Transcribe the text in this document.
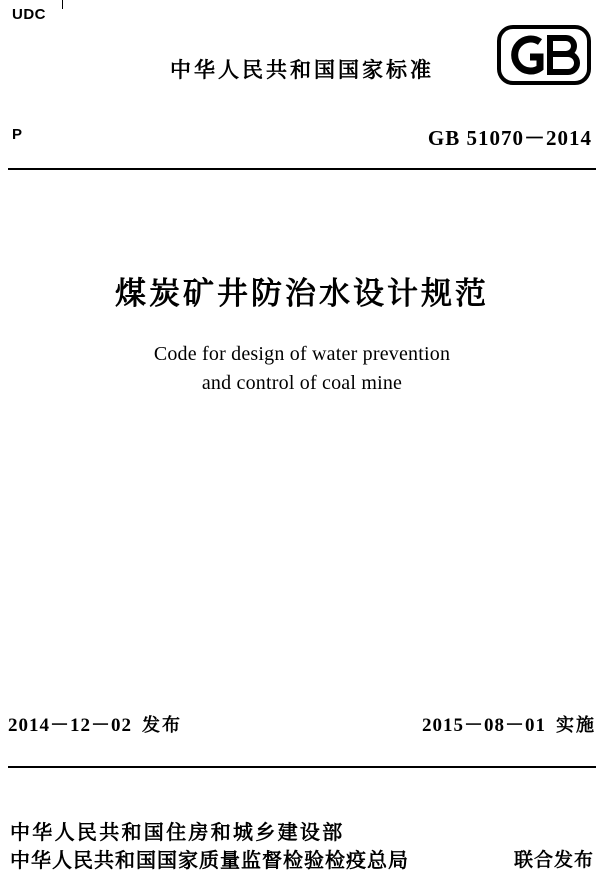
UDC
中华人民共和国国家标准
P	GB 51070－2014
煤炭矿井防治水设计规范
Code for design of water prevention
and control of coal mine
2014－12－02 发布	2015－08－01 实施
中华人民共和国住房和城乡建设部
中华人民共和国国家质量监督检验检疫总局	联合发布
